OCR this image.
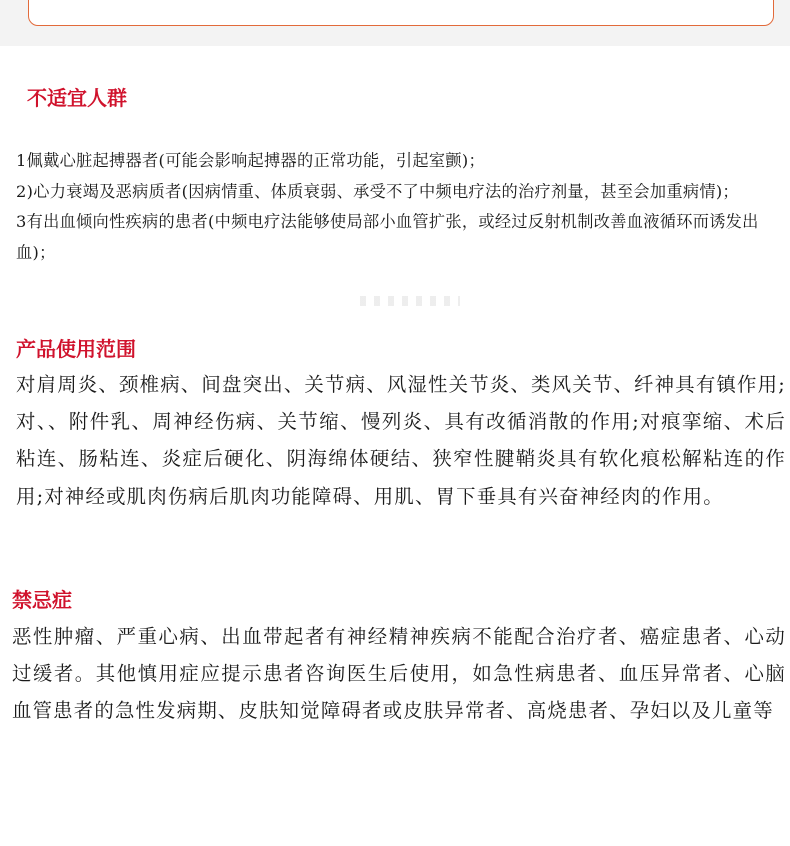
不适宜人群
1佩戴心脏起搏器者(可能会影响起搏器的正常功能，引起室颤)；
2)心力衰竭及恶病质者(因病情重、体质衰弱、承受不了中频电疗法的治疗剂量，甚至会加重病情)；
3有出血倾向性疾病的患者(中频电疗法能够使局部小血管扩张，或经过反射机制改善血液循环而诱发出血)；
产品使用范围

对肩周炎、颈椎病、间盘突出、关节病、风湿性关节炎、类风关节、纤神具有镇作用;对、、附件乳、周神经伤病、关节缩、慢列炎、具有改循消散的作用;对痕挛缩、术后粘连、肠粘连、炎症后硬化、阴海绵体硬结、狭窄性腱鞘炎具有软化痕松解粘连的作用;对神经或肌肉伤病后肌肉功能障碍、用肌、胃下垂具有兴奋神经肉的作用。

禁忌症

恶性肿瘤、严重心病、出血带起者有神经精神疾病不能配合治疗者、癌症患者、心动过缓者。其他慎用症应提示患者咨询医生后使用，如急性病患者、血压异常者、心脑血管患者的急性发病期、皮肤知觉障碍者或皮肤异常者、高烧患者、孕妇以及儿童等
